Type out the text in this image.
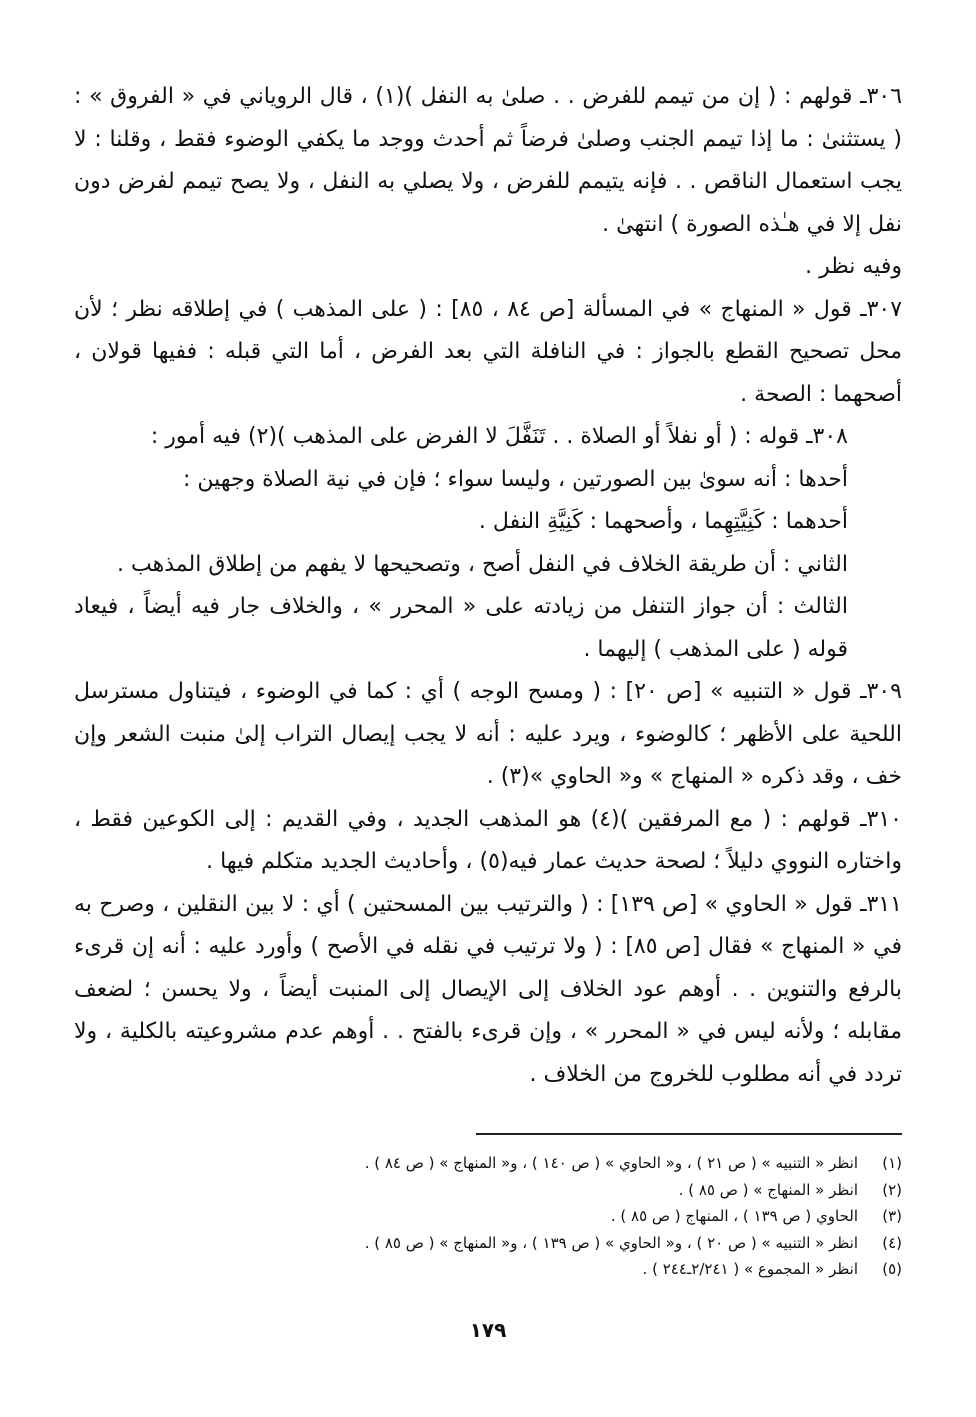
٣٠٦ـ قولهم : ( إن من تيمم للفرض . . صلىٰ به النفل )(١) ، قال الروياني في « الفروق » : ( يستثنىٰ : ما إذا تيمم الجنب وصلىٰ فرضاً ثم أحدث ووجد ما يكفي الوضوء فقط ، وقلنا : لا يجب استعمال الناقص . . فإنه يتيمم للفرض ، ولا يصلي به النفل ، ولا يصح تيمم لفرض دون نفل إلا في هـٰذه الصورة ) انتهىٰ .

وفيه نظر .

٣٠٧ـ قول « المنهاج » في المسألة [ص ٨٤ ، ٨٥] : ( على المذهب ) في إطلاقه نظر ؛ لأن محل تصحيح القطع بالجواز : في النافلة التي بعد الفرض ، أما التي قبله : ففيها قولان ، أصحهما : الصحة .

٣٠٨ـ قوله : ( أو نفلاً أو الصلاة . . تَنَفَّلَ لا الفرض على المذهب )(٢) فيه أمور :

أحدها : أنه سوىٰ بين الصورتين ، وليسا سواء ؛ فإن في نية الصلاة وجهين :

أحدهما : كَنِيَّتِهِما ، وأصحهما : كَنِيَّةِ النفل .

الثاني : أن طريقة الخلاف في النفل أصح ، وتصحيحها لا يفهم من إطلاق المذهب .

الثالث : أن جواز التنفل من زيادته على « المحرر » ، والخلاف جار فيه أيضاً ، فيعاد قوله ( على المذهب ) إليهما .

٣٠٩ـ قول « التنبيه » [ص ٢٠] : ( ومسح الوجه ) أي : كما في الوضوء ، فيتناول مسترسل اللحية على الأظهر ؛ كالوضوء ، ويرد عليه : أنه لا يجب إيصال التراب إلىٰ منبت الشعر وإن خف ، وقد ذكره « المنهاج » و« الحاوي »(٣) .

٣١٠ـ قولهم : ( مع المرفقين )(٤) هو المذهب الجديد ، وفي القديم : إلى الكوعين فقط ، واختاره النووي دليلاً ؛ لصحة حديث عمار فيه(٥) ، وأحاديث الجديد متكلم فيها .

٣١١ـ قول « الحاوي » [ص ١٣٩] : ( والترتيب بين المسحتين ) أي : لا بين النقلين ، وصرح به في « المنهاج » فقال [ص ٨٥] : ( ولا ترتيب في نقله في الأصح ) وأورد عليه : أنه إن قرىء بالرفع والتنوين . . أوهم عود الخلاف إلى الإيصال إلى المنبت أيضاً ، ولا يحسن ؛ لضعف مقابله ؛ ولأنه ليس في « المحرر » ، وإن قرىء بالفتح . . أوهم عدم مشروعيته بالكلية ، ولا تردد في أنه مطلوب للخروج من الخلاف .

(١)
انظر « التنبيه » ( ص ٢١ ) ، و« الحاوي » ( ص ١٤٠ ) ، و« المنهاج » ( ص ٨٤ ) .
(٢)
انظر « المنهاج » ( ص ٨٥ ) .
(٣)
الحاوي ( ص ١٣٩ ) ، المنهاج ( ص ٨٥ ) .
(٤)
انظر « التنبيه » ( ص ٢٠ ) ، و« الحاوي » ( ص ١٣٩ ) ، و« المنهاج » ( ص ٨٥ ) .
(٥)
انظر « المجموع » ( ٢/٢٤١ـ٢٤٤ ) .
١٧٩
